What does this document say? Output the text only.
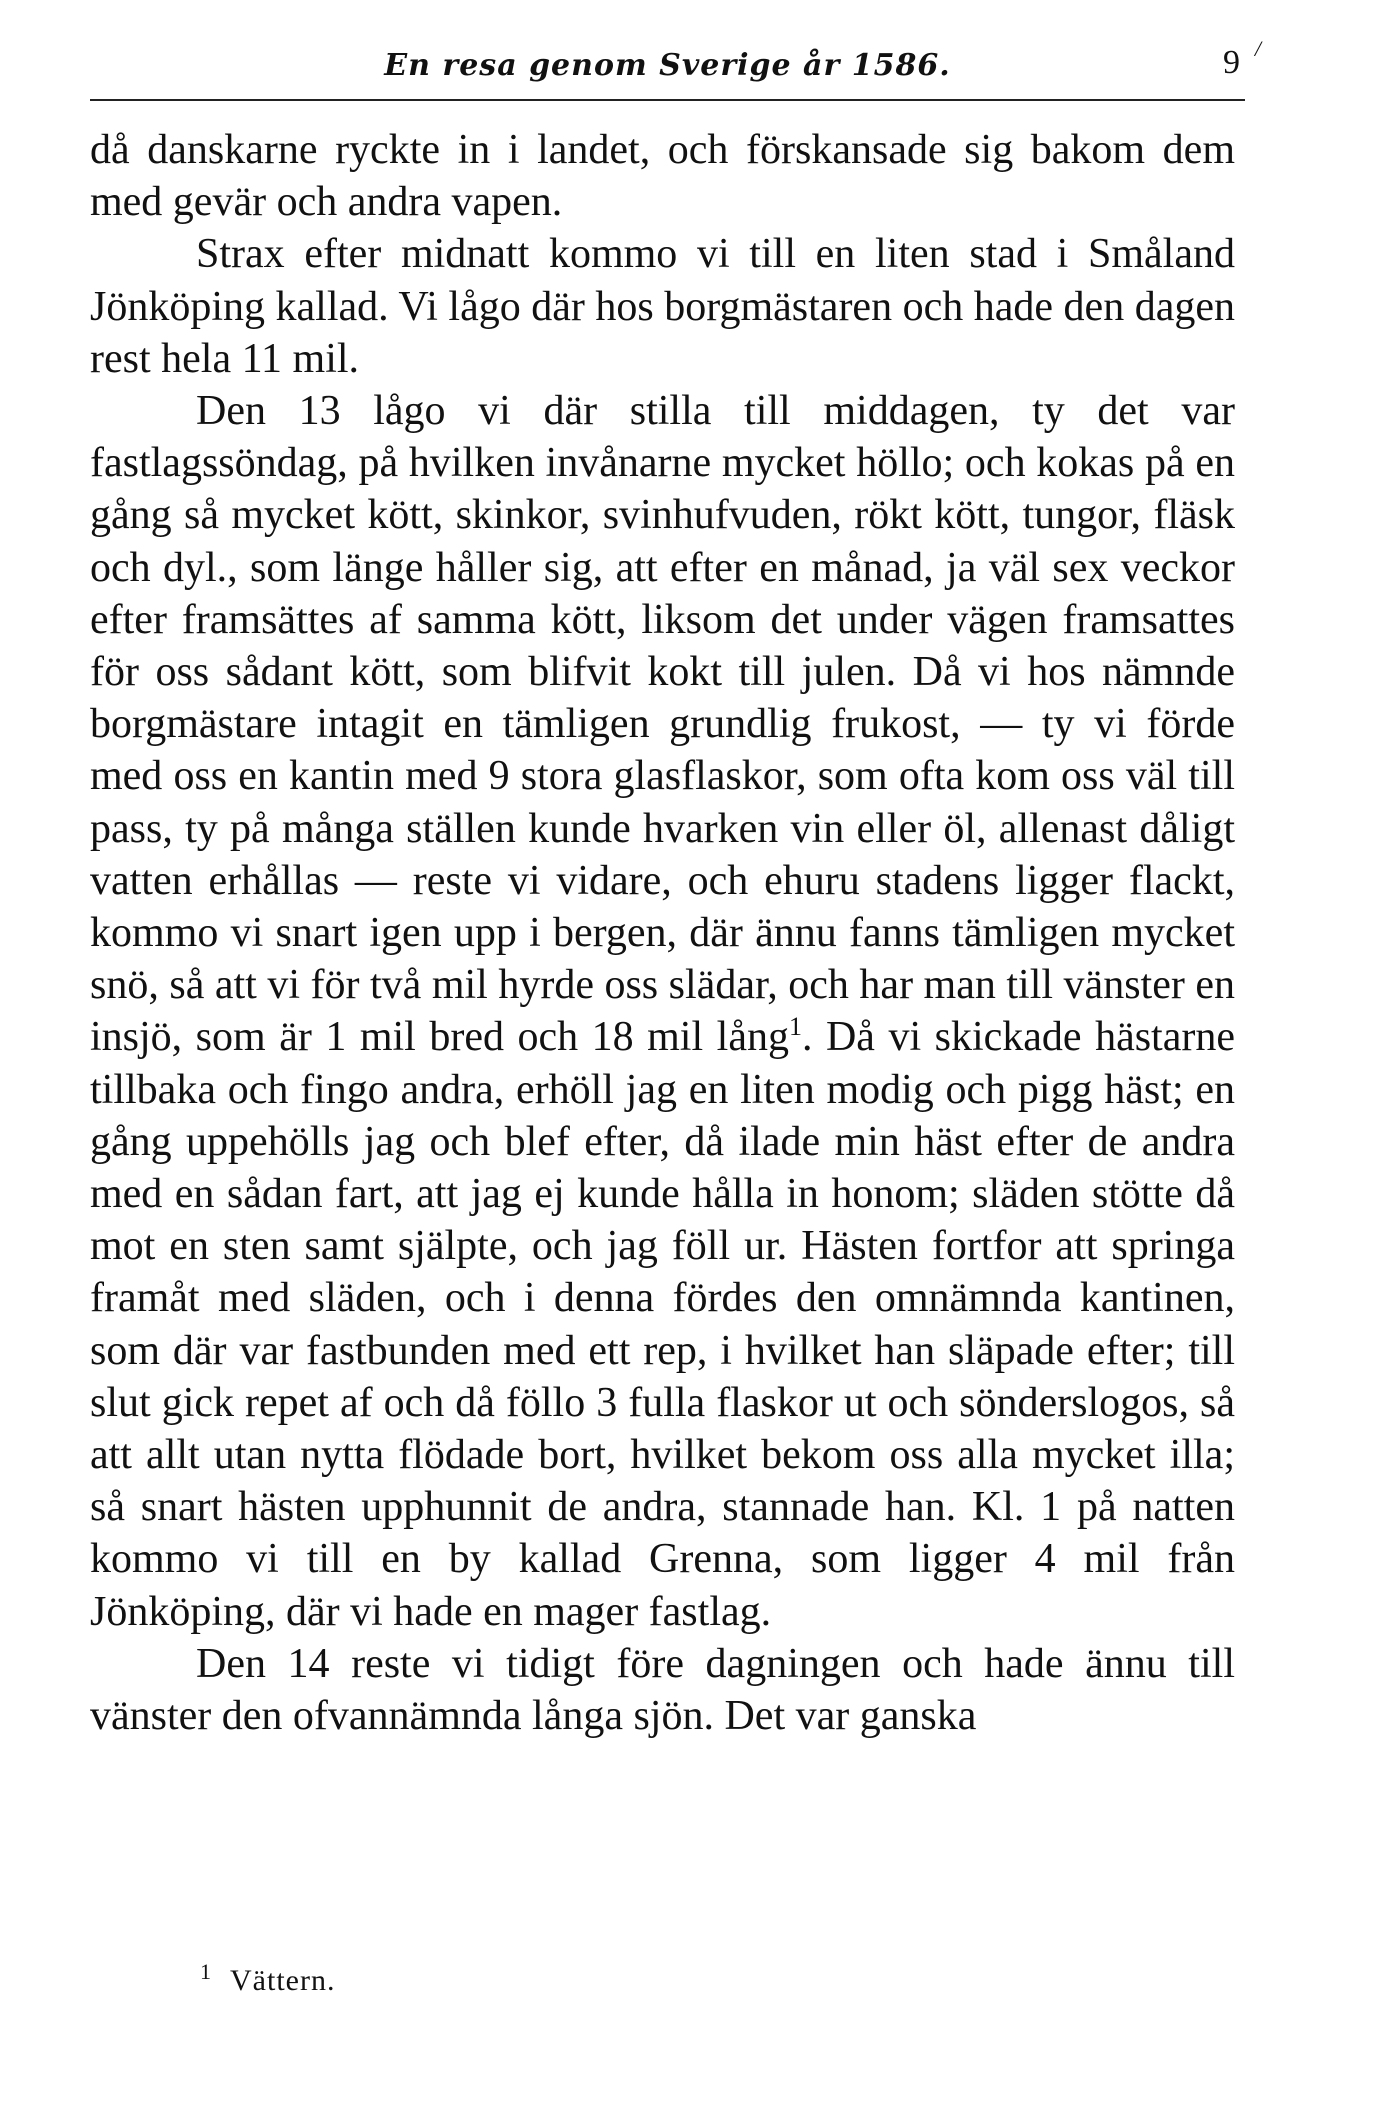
En resa genom Sverige år 1586.	9 /

då danskarne ryckte in i landet, och förskansade sig bakom dem med gevär och andra vapen.

Strax efter midnatt kommo vi till en liten stad i Småland Jönköping kallad. Vi lågo där hos borgmästaren och hade den dagen rest hela 11 mil.

Den 13 lågo vi där stilla till middagen, ty det var fastlagssöndag, på hvilken invånarne mycket höllo; och kokas på en gång så mycket kött, skinkor, svinhufvuden, rökt kött, tungor, fläsk och dyl., som länge håller sig, att efter en månad, ja väl sex veckor efter framsättes af samma kött, liksom det under vägen framsattes för oss sådant kött, som blifvit kokt till julen. Då vi hos nämnde borgmästare intagit en tämligen grundlig frukost, — ty vi förde med oss en kantin med 9 stora glasflaskor, som ofta kom oss väl till pass, ty på många ställen kunde hvarken vin eller öl, allenast dåligt vatten erhållas — reste vi vidare, och ehuru stadens ligger flackt, kommo vi snart igen upp i bergen, där ännu fanns tämligen mycket snö, så att vi för två mil hyrde oss slädar, och har man till vänster en insjö, som är 1 mil bred och 18 mil lång$^1$. Då vi skickade hästarne tillbaka och fingo andra, erhöll jag en liten modig och pigg häst; en gång uppehölls jag och blef efter, då ilade min häst efter de andra med en sådan fart, att jag ej kunde hålla in honom; släden stötte då mot en sten samt själpte, och jag föll ur. Hästen fortfor att springa framåt med släden, och i denna fördes den omnämnda kantinen, som där var fastbunden med ett rep, i hvilket han släpade efter; till slut gick repet af och då föllo 3 fulla flaskor ut och sönderslogos, så att allt utan nytta flödade bort, hvilket bekom oss alla mycket illa; så snart hästen upphunnit de andra, stannade han. Kl. 1 på natten kommo vi till en by kallad Grenna, som ligger 4 mil från Jönköping, där vi hade en mager fastlag.

Den 14 reste vi tidigt före dagningen och hade ännu till vänster den ofvannämnda långa sjön. Det var ganska

$^1$ Vättern.
